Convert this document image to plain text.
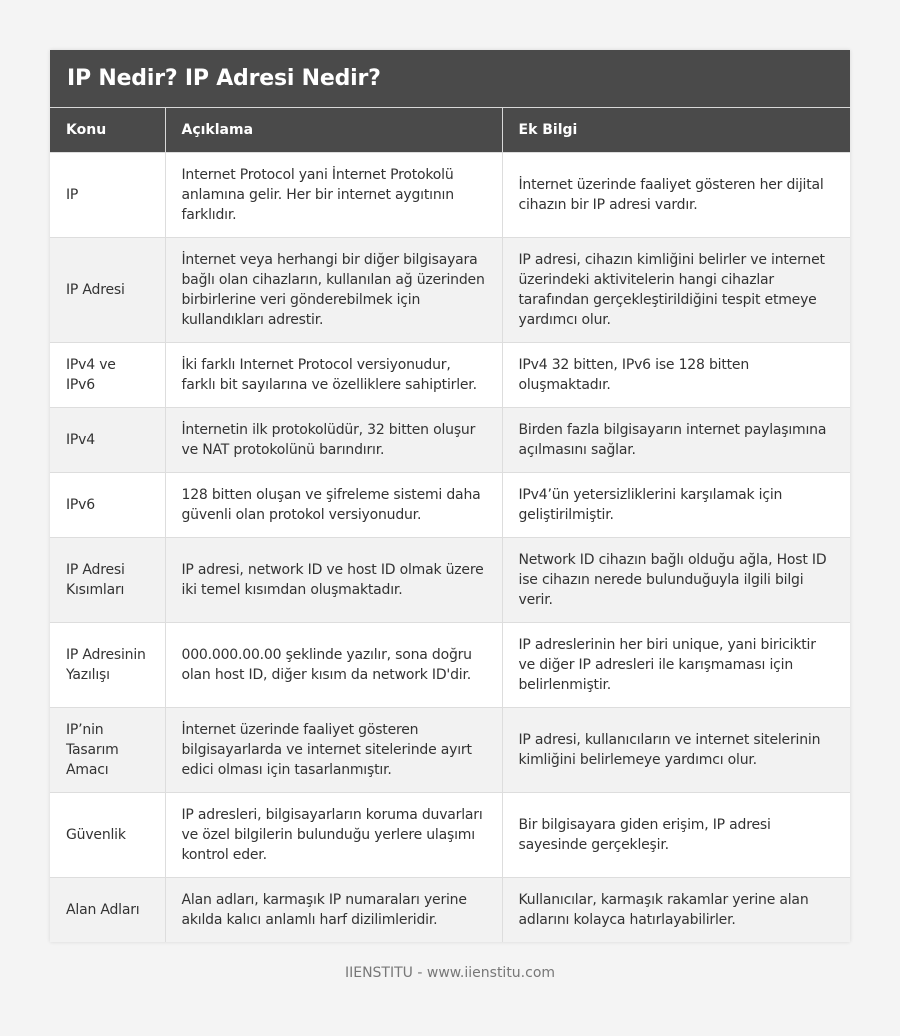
IP Nedir? IP Adresi Nedir?
Konu	Açıklama	Ek Bilgi
IP	Internet Protocol yani İnternet Protokolü anlamına gelir. Her bir internet aygıtının farklıdır.	İnternet üzerinde faaliyet gösteren her dijital cihazın bir IP adresi vardır.
IP Adresi	İnternet veya herhangi bir diğer bilgisayara bağlı olan cihazların, kullanılan ağ üzerinden birbirlerine veri gönderebilmek için kullandıkları adrestir.	IP adresi, cihazın kimliğini belirler ve internet üzerindeki aktivitelerin hangi cihazlar tarafından gerçekleştirildiğini tespit etmeye yardımcı olur.
IPv4 ve IPv6	İki farklı Internet Protocol versiyonudur, farklı bit sayılarına ve özelliklere sahiptirler.	IPv4 32 bitten, IPv6 ise 128 bitten oluşmaktadır.
IPv4	İnternetin ilk protokolüdür, 32 bitten oluşur ve NAT protokolünü barındırır.	Birden fazla bilgisayarın internet paylaşımına açılmasını sağlar.
IPv6	128 bitten oluşan ve şifreleme sistemi daha güvenli olan protokol versiyonudur.	IPv4’ün yetersizliklerini karşılamak için geliştirilmiştir.
IP Adresi Kısımları	IP adresi, network ID ve host ID olmak üzere iki temel kısımdan oluşmaktadır.	Network ID cihazın bağlı olduğu ağla, Host ID ise cihazın nerede bulunduğuyla ilgili bilgi verir.
IP Adresinin Yazılışı	000.000.00.00 şeklinde yazılır, sona doğru olan host ID, diğer kısım da network ID'dir.	IP adreslerinin her biri unique, yani biriciktir ve diğer IP adresleri ile karışmaması için belirlenmiştir.
IP’nin Tasarım Amacı	İnternet üzerinde faaliyet gösteren bilgisayarlarda ve internet sitelerinde ayırt edici olması için tasarlanmıştır.	IP adresi, kullanıcıların ve internet sitelerinin kimliğini belirlemeye yardımcı olur.
Güvenlik	IP adresleri, bilgisayarların koruma duvarları ve özel bilgilerin bulunduğu yerlere ulaşımı kontrol eder.	Bir bilgisayara giden erişim, IP adresi sayesinde gerçekleşir.
Alan Adları	Alan adları, karmaşık IP numaraları yerine akılda kalıcı anlamlı harf dizilimleridir.	Kullanıcılar, karmaşık rakamlar yerine alan adlarını kolayca hatırlayabilirler.
IIENSTITU - www.iienstitu.com
